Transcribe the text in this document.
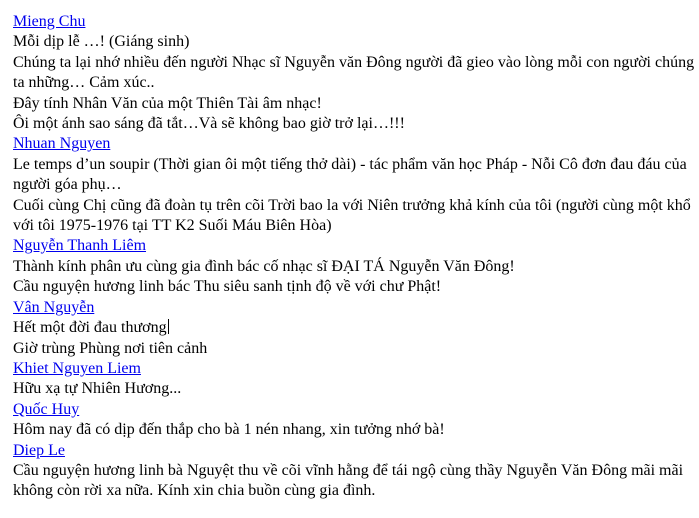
Mieng Chu
Mỗi dịp lễ …! (Giáng sinh)
Chúng ta lại nhớ nhiều đến người Nhạc sĩ Nguyễn văn Đông người đã gieo vào lòng mỗi con người chúng ta những… Cảm xúc..
Đây tính Nhân Văn của một Thiên Tài âm nhạc!
Ôi một ánh sao sáng đã tắt…Và sẽ không bao giờ trở lại…!!!
Nhuan Nguyen
Le temps d’un soupir (Thời gian ôi một tiếng thở dài) - tác phẩm văn học Pháp - Nỗi Cô đơn đau đáu của người góa phụ…
Cuối cùng Chị cũng đã đoàn tụ trên cõi Trời bao la với Niên trưởng khả kính của tôi (người cùng một khổ với tôi 1975-1976 tại TT K2 Suối Máu Biên Hòa)
Nguyễn Thanh Liêm
Thành kính phân ưu cùng gia đình bác cố nhạc sĩ ĐẠI TÁ Nguyễn Văn Đông!
Cầu nguyện hương linh bác Thu siêu sanh tịnh độ về với chư Phật!
Vân Nguyễn
Hết một đời đau thương
Giờ trùng Phùng nơi tiên cảnh
Khiet Nguyen Liem
Hữu xạ tự Nhiên Hương...
Quốc Huy
Hôm nay đã có dịp đến thắp cho bà 1 nén nhang, xin tưởng nhớ bà!
Diep Le
Cầu nguyện hương linh bà Nguyệt thu về cõi vĩnh hằng để tái ngộ cùng thầy Nguyễn Văn Đông mãi mãi không còn rời xa nữa. Kính xin chia buồn cùng gia đình.
